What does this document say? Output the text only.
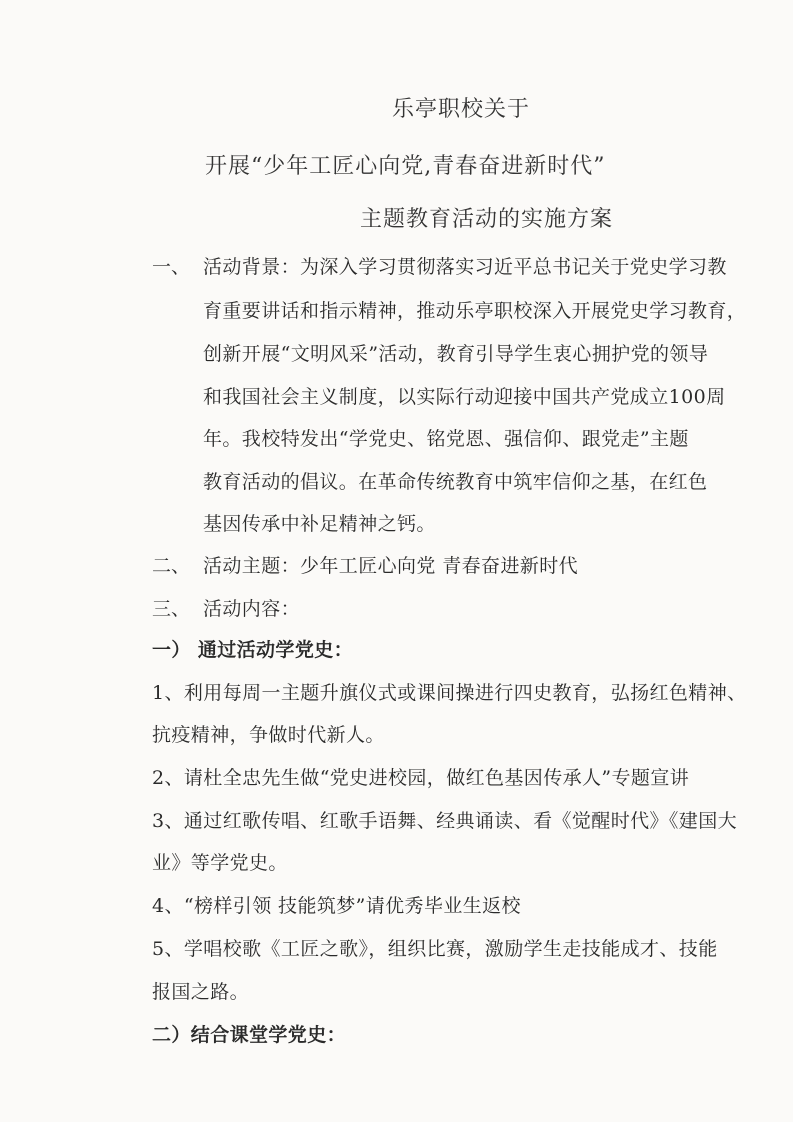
乐亭职校关于
开展“少年工匠心向党,青春奋进新时代”
主题教育活动的实施方案
一、 活动背景：为深入学习贯彻落实习近平总书记关于党史学习教
育重要讲话和指示精神，推动乐亭职校深入开展党史学习教育，
创新开展“文明风采”活动，教育引导学生衷心拥护党的领导
和我国社会主义制度，以实际行动迎接中国共产党成立100周
年。我校特发出“学党史、铭党恩、强信仰、跟党走”主题
教育活动的倡议。在革命传统教育中筑牢信仰之基，在红色
基因传承中补足精神之钙。
二、 活动主题：少年工匠心向党 青春奋进新时代
三、 活动内容：
一） 通过活动学党史：
1、利用每周一主题升旗仪式或课间操进行四史教育，弘扬红色精神、
抗疫精神，争做时代新人。
2、请杜全忠先生做“党史进校园，做红色基因传承人”专题宣讲
3、通过红歌传唱、红歌手语舞、经典诵读、看《觉醒时代》《建国大
业》等学党史。
4、“榜样引领 技能筑梦”请优秀毕业生返校
5、学唱校歌《工匠之歌》，组织比赛，激励学生走技能成才、技能
报国之路。
二）结合课堂学党史：
